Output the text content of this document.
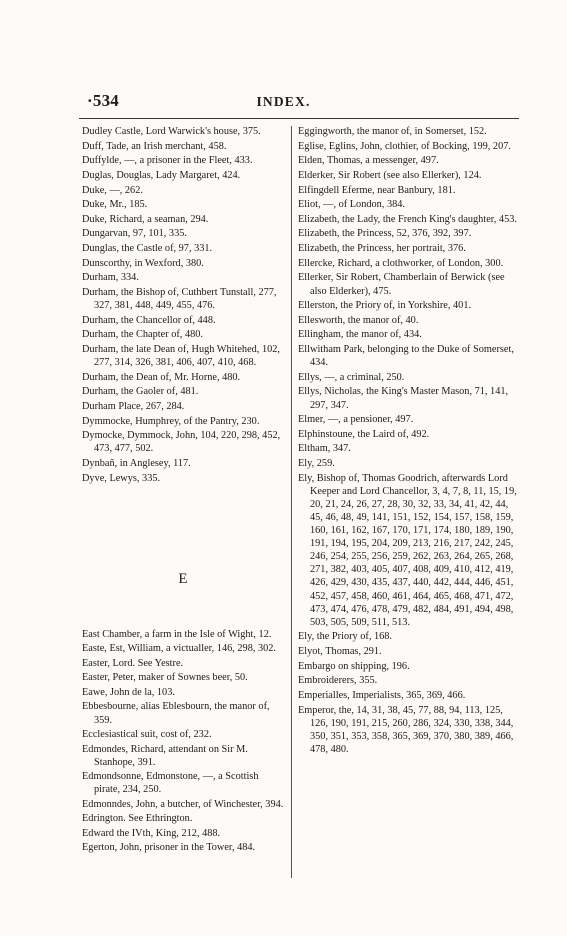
·534	INDEX.
Dudley Castle, Lord Warwick's house, 375.
Duff, Tade, an Irish merchant, 458.
Duffylde, —, a prisoner in the Fleet, 433.
Duglas, Douglas, Lady Margaret, 424.
Duke, —, 262.
Duke, Mr., 185.
Duke, Richard, a seaman, 294.
Dungarvan, 97, 101, 335.
Dunglas, the Castle of, 97, 331.
Dunscorthy, in Wexford, 380.
Durham, 334.
Durham, the Bishop of, Cuthbert Tunstall, 277, 327, 381, 448, 449, 455, 476.
Durham, the Chancellor of, 448.
Durham, the Chapter of, 480.
Durham, the late Dean of, Hugh Whitehed, 102, 277, 314, 326, 381, 406, 407, 410, 468.
Durham, the Dean of, Mr. Horne, 480.
Durham, the Gaoler of, 481.
Durham Place, 267, 284.
Dymmocke, Humphrey, of the Pantry, 230.
Dymocke, Dymmock, John, 104, 220, 298, 452, 473, 477, 502.
Dynbañ, in Anglesey, 117.
Dyve, Lewys, 335.
E
East Chamber, a farm in the Isle of Wight, 12.
Easte, Est, William, a victualler, 146, 298, 302.
Easter, Lord. See Yestre.
Easter, Peter, maker of Sownes beer, 50.
Eawe, John de la, 103.
Ebbesbourne, alias Eblesbourn, the manor of, 359.
Ecclesiastical suit, cost of, 232.
Edmondes, Richard, attendant on Sir M. Stanhope, 391.
Edmondsonne, Edmonstone, —, a Scottish pirate, 234, 250.
Edmonndes, John, a butcher, of Winchester, 394.
Edrington. See Ethrington.
Edward the IVth, King, 212, 488.
Egerton, John, prisoner in the Tower, 484.
Eggingworth, the manor of, in Somerset, 152.
Eglise, Eglins, John, clothier, of Bocking, 199, 207.
Elden, Thomas, a messenger, 497.
Elderker, Sir Robert (see also Ellerker), 124.
Elfingdell Eferme, near Banbury, 181.
Eliot, —, of London, 384.
Elizabeth, the Lady, the French King's daughter, 453.
Elizabeth, the Princess, 52, 376, 392, 397.
Elizabeth, the Princess, her portrait, 376.
Ellercke, Richard, a clothworker, of London, 300.
Ellerker, Sir Robert, Chamberlain of Berwick (see also Elderker), 475.
Ellerston, the Priory of, in Yorkshire, 401.
Ellesworth, the manor of, 40.
Ellingham, the manor of, 434.
Ellwitham Park, belonging to the Duke of Somerset, 434.
Ellys, —, a criminal, 250.
Ellys, Nicholas, the King's Master Mason, 71, 141, 297, 347.
Elmer, —, a pensioner, 497.
Elphinstoune, the Laird of, 492.
Eltham, 347.
Ely, 259.
Ely, Bishop of, Thomas Goodrich, afterwards Lord Keeper and Lord Chancellor, 3, 4, 7, 8, 11, 15, 19, 20, 21, 24, 26, 27, 28, 30, 32, 33, 34, 41, 42, 44, 45, 46, 48, 49, 141, 151, 152, 154, 157, 158, 159, 160, 161, 162, 167, 170, 171, 174, 180, 189, 190, 191, 194, 195, 204, 209, 213, 216, 217, 242, 245, 246, 254, 255, 256, 259, 262, 263, 264, 265, 268, 271, 382, 403, 405, 407, 408, 409, 410, 412, 419, 426, 429, 430, 435, 437, 440, 442, 444, 446, 451, 452, 457, 458, 460, 461, 464, 465, 468, 471, 472, 473, 474, 476, 478, 479, 482, 484, 491, 494, 498, 503, 505, 509, 511, 513.
Ely, the Priory of, 168.
Elyot, Thomas, 291.
Embargo on shipping, 196.
Embroiderers, 355.
Emperialles, Imperialists, 365, 369, 466.
Emperor, the, 14, 31, 38, 45, 77, 88, 94, 113, 125, 126, 190, 191, 215, 260, 286, 324, 330, 338, 344, 350, 351, 353, 358, 365, 369, 370, 380, 389, 466, 478, 480.
